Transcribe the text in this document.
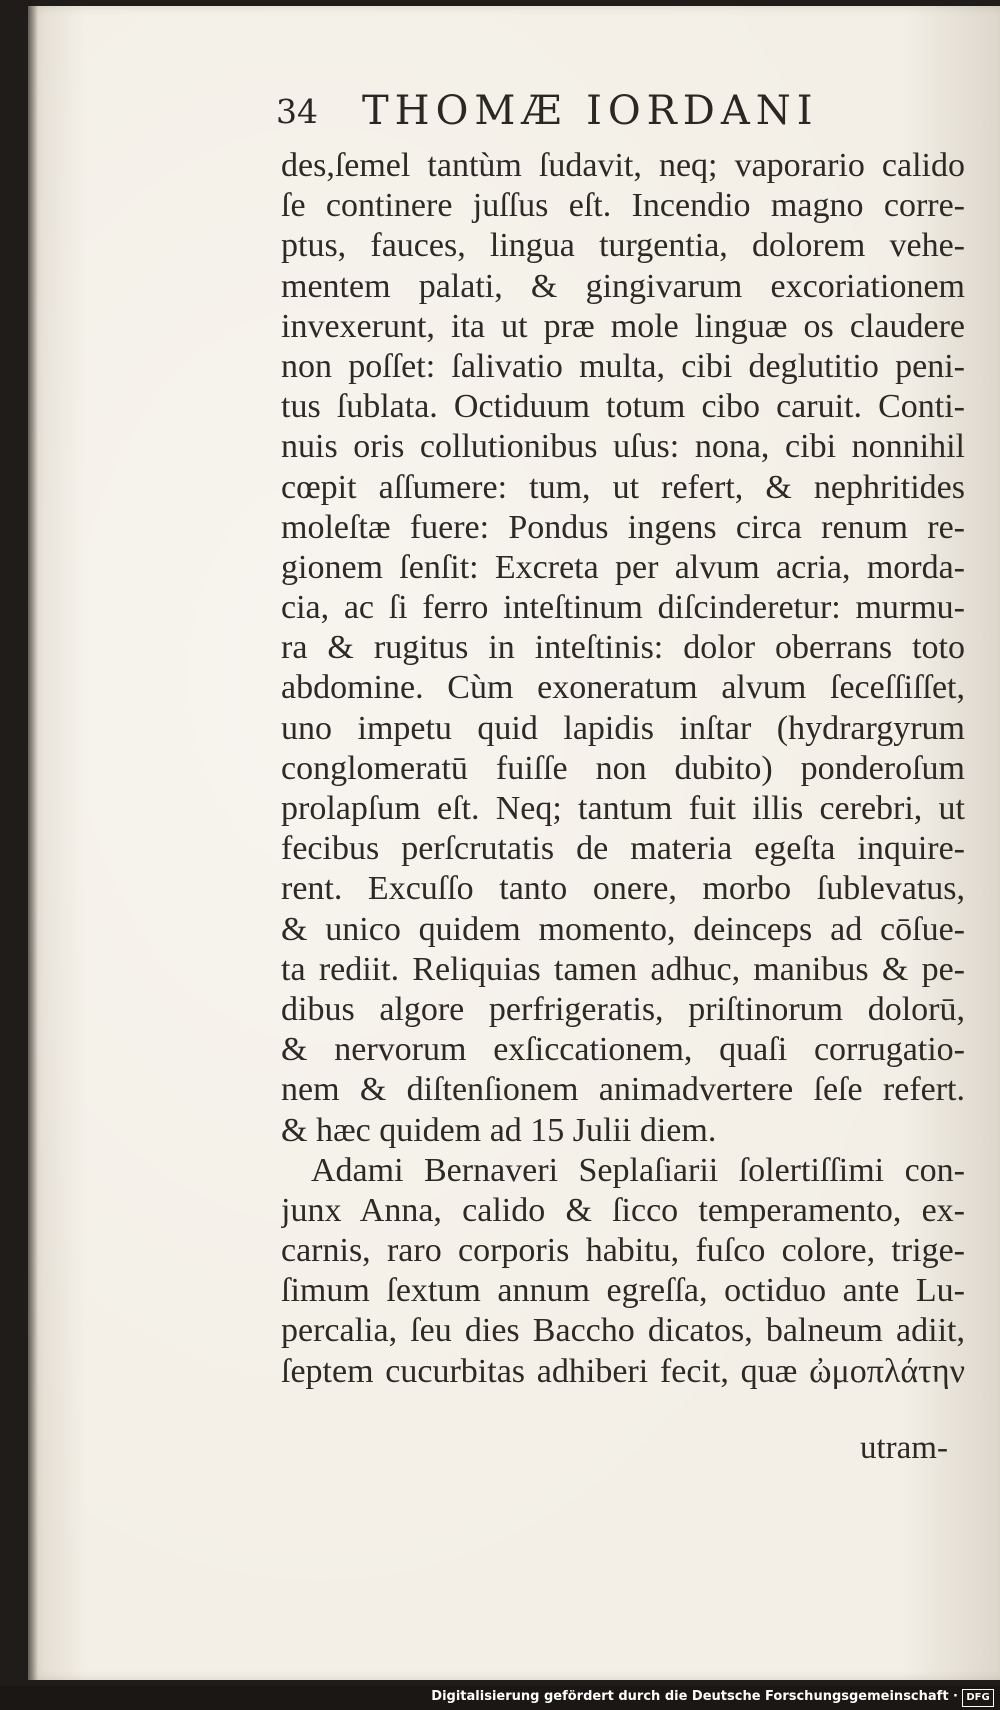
34 THOMÆ IORDANI
des,ſemel tantùm ſudavit, neq; vaporario calido
ſe continere juſſus eſt. Incendio magno corre-
ptus, fauces, lingua turgentia, dolorem vehe-
mentem palati, & gingivarum excoriationem
invexerunt, ita ut præ mole linguæ os claudere
non poſſet: ſalivatio multa, cibi deglutitio peni-
tus ſublata. Octiduum totum cibo caruit. Conti-
nuis oris collutionibus uſus: nona, cibi nonnihil
cœpit aſſumere: tum, ut refert, & nephritides
moleſtæ fuere: Pondus ingens circa renum re-
gionem ſenſit: Excreta per alvum acria, morda-
cia, ac ſi ferro inteſtinum diſcinderetur: murmu-
ra & rugitus in inteſtinis: dolor oberrans toto
abdomine. Cùm exoneratum alvum ſeceſſiſſet,
uno impetu quid lapidis inſtar (hydrargyrum
conglomeratū fuiſſe non dubito) ponderoſum
prolapſum eſt. Neq; tantum fuit illis cerebri, ut
fecibus perſcrutatis de materia egeſta inquire-
rent. Excuſſo tanto onere, morbo ſublevatus,
& unico quidem momento, deinceps ad cōſue-
ta rediit. Reliquias tamen adhuc, manibus & pe-
dibus algore perfrigeratis, priſtinorum dolorū,
& nervorum exſiccationem, quaſi corrugatio-
nem & diſtenſionem animadvertere ſeſe refert.
& hæc quidem ad 15 Julii diem.
Adami Bernaveri Seplaſiarii ſolertiſſimi con-
junx Anna, calido & ſicco temperamento, ex-
carnis, raro corporis habitu, fuſco colore, trige-
ſimum ſextum annum egreſſa, octiduo ante Lu-
percalia, ſeu dies Baccho dicatos, balneum adiit,
ſeptem cucurbitas adhiberi fecit, quæ ὠμοπλάτην
utram-
Digitalisierung gefördert durch die Deutsche Forschungsgemeinschaft · DFG
